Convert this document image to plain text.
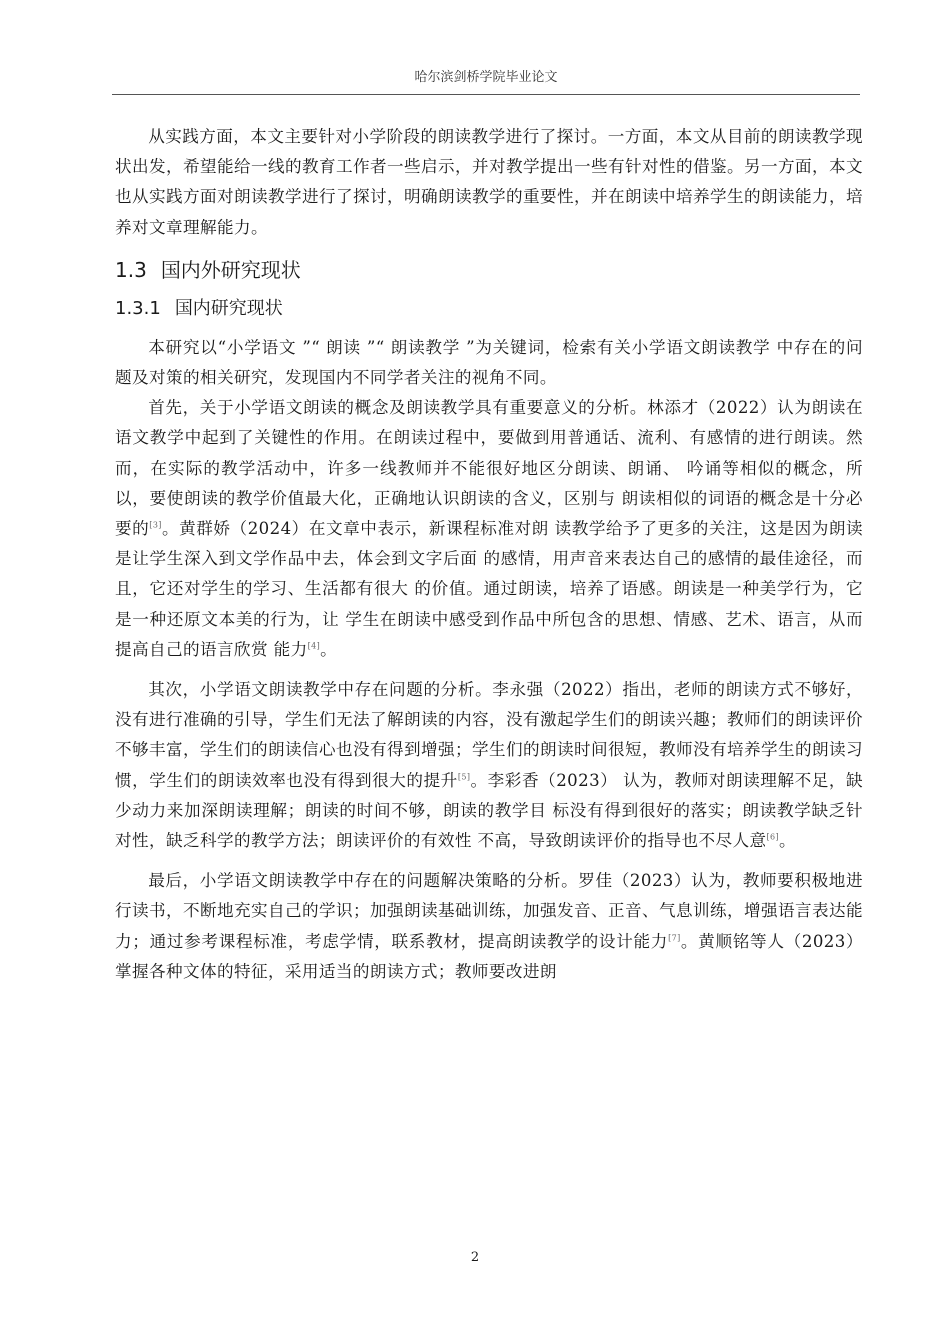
哈尔滨剑桥学院毕业论文

从实践方面，本文主要针对小学阶段的朗读教学进行了探讨。一方面，本文从目前的朗读教学现状出发，希望能给一线的教育工作者一些启示，并对教学提出一些有针对性的借鉴。另一方面，本文也从实践方面对朗读教学进行了探讨，明确朗读教学的重要性，并在朗读中培养学生的朗读能力，培养对文章理解能力。

1.3 国内外研究现状
1.3.1 国内研究现状

本研究以“小学语文 ”“ 朗读 ”“ 朗读教学 ”为关键词，检索有关小学语文朗读教学 中存在的问题及对策的相关研究，发现国内不同学者关注的视角不同。

首先，关于小学语文朗读的概念及朗读教学具有重要意义的分析。林添才（2022）认为朗读在语文教学中起到了关键性的作用。在朗读过程中，要做到用普通话、流利、有感情的进行朗读。然而，在实际的教学活动中，许多一线教师并不能很好地区分朗读、朗诵、 吟诵等相似的概念，所以，要使朗读的教学价值最大化，正确地认识朗读的含义，区别与 朗读相似的词语的概念是十分必要的[3]。黄群娇（2024）在文章中表示，新课程标准对朗 读教学给予了更多的关注，这是因为朗读是让学生深入到文学作品中去，体会到文字后面 的感情，用声音来表达自己的感情的最佳途径，而且，它还对学生的学习、生活都有很大 的价值。通过朗读，培养了语感。朗读是一种美学行为，它是一种还原文本美的行为，让 学生在朗读中感受到作品中所包含的思想、情感、艺术、语言，从而提高自己的语言欣赏 能力[4]。

其次，小学语文朗读教学中存在问题的分析。李永强（2022）指出，老师的朗读方式不够好，没有进行准确的引导，学生们无法了解朗读的内容，没有激起学生们的朗读兴趣；教师们的朗读评价不够丰富，学生们的朗读信心也没有得到增强；学生们的朗读时间很短，教师没有培养学生的朗读习惯，学生们的朗读效率也没有得到很大的提升[5]。李彩香（2023） 认为，教师对朗读理解不足，缺少动力来加深朗读理解；朗读的时间不够，朗读的教学目 标没有得到很好的落实；朗读教学缺乏针对性，缺乏科学的教学方法；朗读评价的有效性 不高，导致朗读评价的指导也不尽人意[6]。

最后，小学语文朗读教学中存在的问题解决策略的分析。罗佳（2023）认为，教师要积极地进行读书，不断地充实自己的学识；加强朗读基础训练，加强发音、正音、气息训练，增强语言表达能力；通过参考课程标准，考虑学情，联系教材，提高朗读教学的设计能力[7]。黄顺铭等人（2023）掌握各种文体的特征，采用适当的朗读方式；教师要改进朗

2
